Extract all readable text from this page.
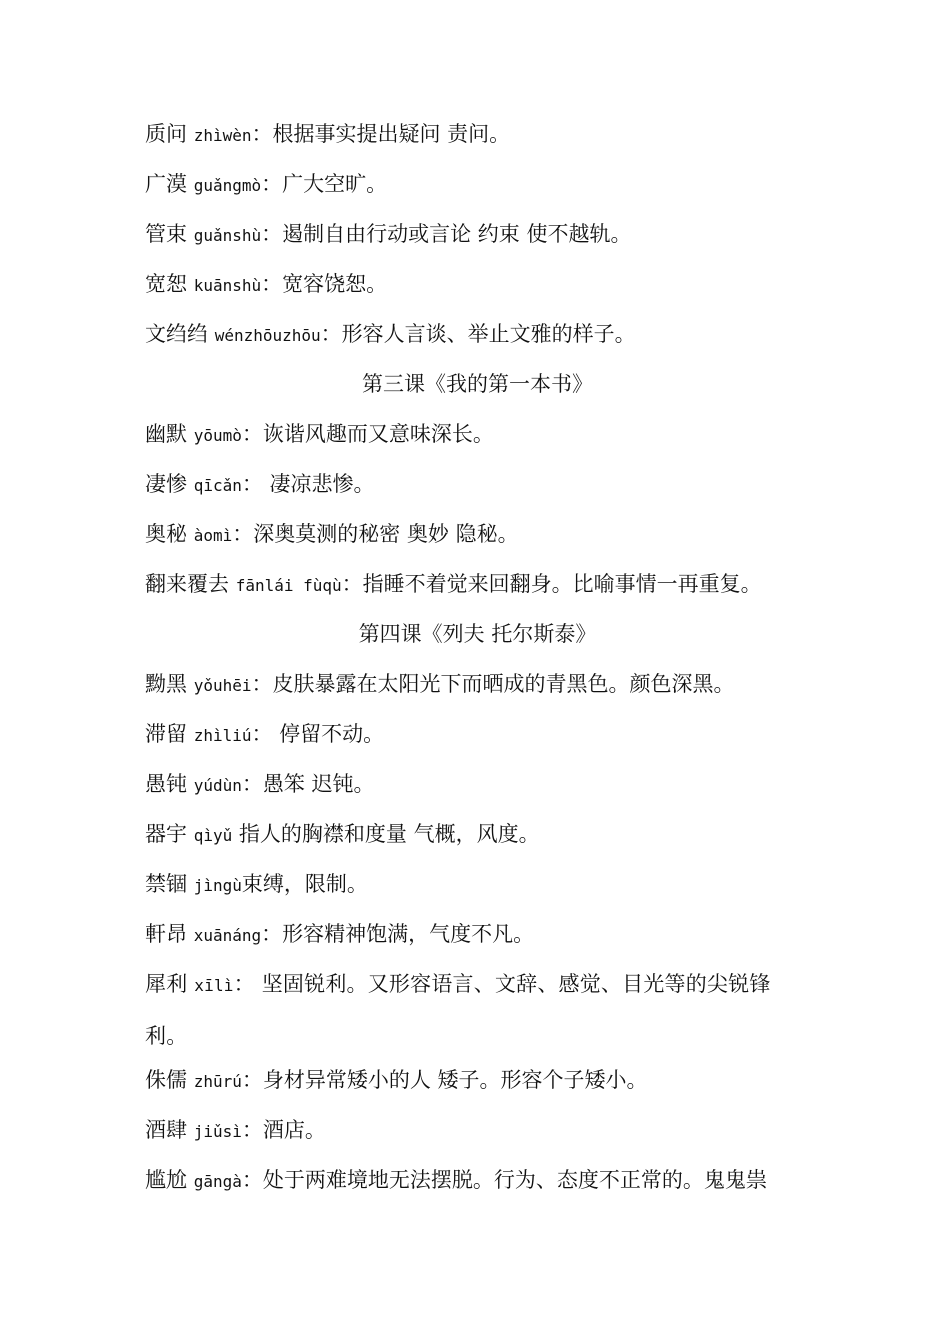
质问 zhìwèn：根据事实提出疑问 责问。
广漠 guǎngmò：广大空旷。
管束 guǎnshù：遏制自由行动或言论 约束 使不越轨。
宽恕 kuānshù：宽容饶恕。
文绉绉 wénzhōuzhōu：形容人言谈、举止文雅的样子。
第三课《我的第一本书》
幽默 yōumò：诙谐风趣而又意味深长。
凄惨 qīcǎn： 凄凉悲惨。
奥秘 àomì：深奥莫测的秘密 奥妙 隐秘。
翻来覆去 fānlái fùqù：指睡不着觉来回翻身。比喻事情一再重复。
第四课《列夫 托尔斯泰》
黝黑 yǒuhēi：皮肤暴露在太阳光下而晒成的青黑色。颜色深黑。
滞留 zhìliú： 停留不动。
愚钝 yúdùn：愚笨 迟钝。
器宇 qìyǔ 指人的胸襟和度量 气概，风度。
禁锢 jìngù束缚，限制。
軒昂 xuānáng：形容精神饱满，气度不凡。
犀利 xīlì： 坚固锐利。又形容语言、文辞、感觉、目光等的尖锐锋利。
侏儒 zhūrú：身材异常矮小的人 矮子。形容个子矮小。
酒肆 jiǔsì：酒店。
尴尬 gāngà：处于两难境地无法摆脱。行为、态度不正常的。鬼鬼祟
